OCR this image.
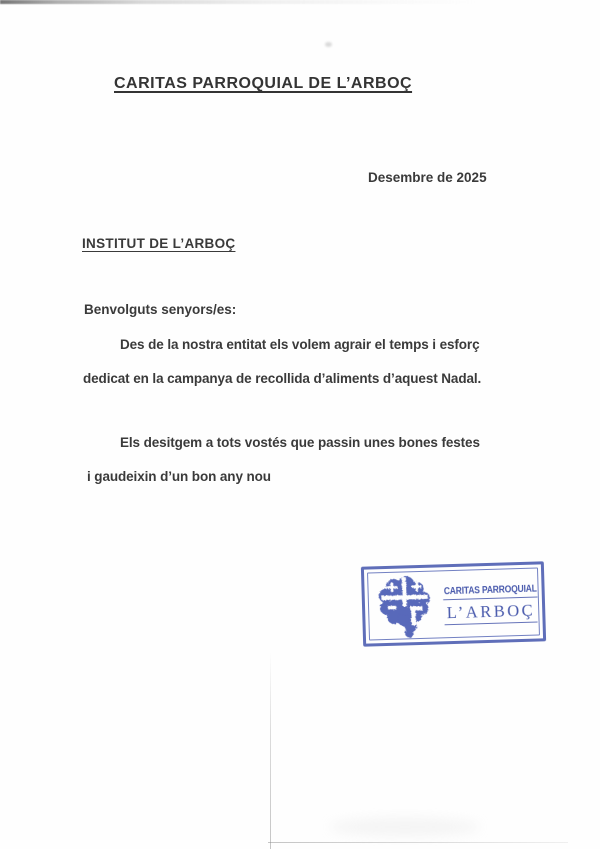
CARITAS PARROQUIAL DE L’ARBOÇ
Desembre de 2025
INSTITUT DE L’ARBOÇ
Benvolguts senyors/es:
Des de la nostra entitat els volem agrair el temps i esforç
dedicat en la campanya de recollida d’aliments d’aquest Nadal.
Els desitgem a tots vostés que passin unes bones festes
i gaudeixin d’un bon any nou
CARITAS PARROQUIAL
L’ARBOÇ
